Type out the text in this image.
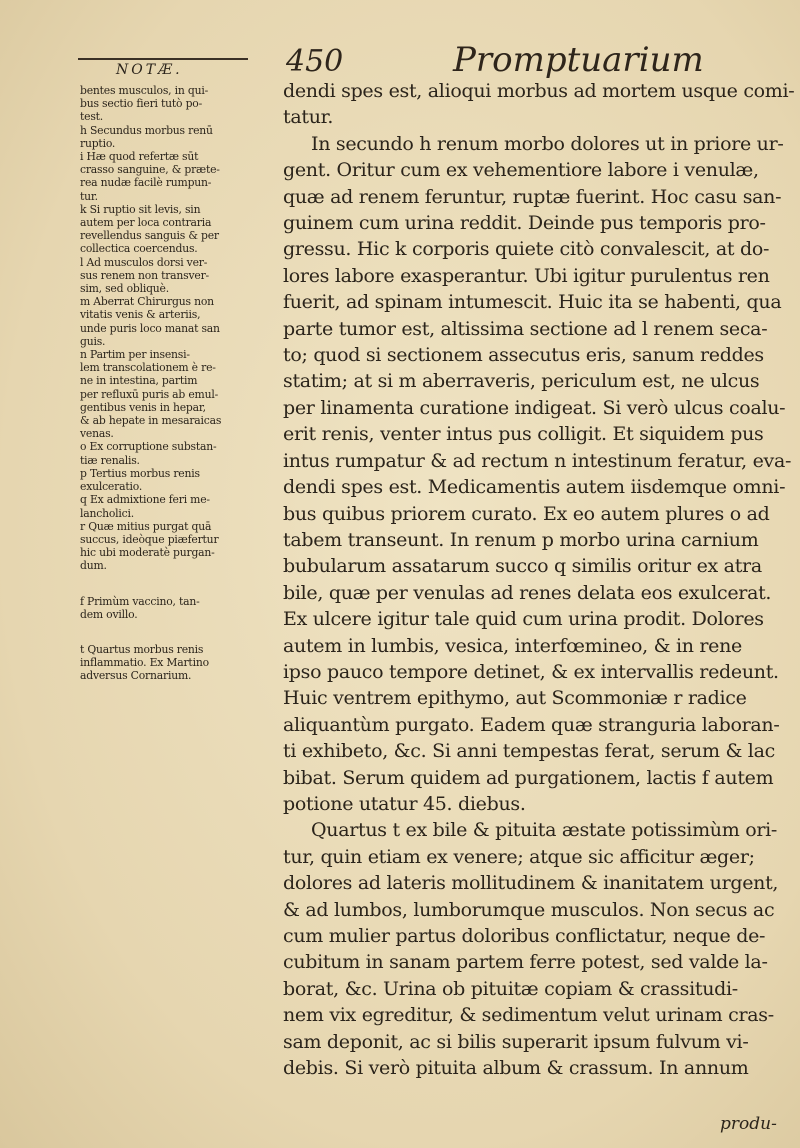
NOTÆ.	450	Promptuarium
bentes musculos, in qui-
bus sectio fieri tutò po-
test.
h Secundus morbus renū
ruptio.
i Hæ quod refertæ sūt
crasso sanguine, & præte-
rea nudæ facilè rumpun-
tur.
k Si ruptio sit levis, sin
autem per loca contraria
revellendus sanguis & per
collectica coercendus.
l Ad musculos dorsi ver-
sus renem non transver-
sim, sed obliquè.
m Aberrat Chirurgus non
vitatis venis & arteriis,
unde puris loco manat san
guis.
n Partim per insensi-
lem transcolationem è re-
ne in intestina, partim
per refluxū puris ab emul-
gentibus venis in hepar,
& ab hepate in mesaraicas
venas.
o Ex corruptione substan-
tiæ renalis.
p Tertius morbus renis
exulceratio.
q Ex admixtione feri me-
lancholici.
r Quæ mitius purgat quā
succus, ideòque piæfertur
hic ubi moderatè purgan-
dum.
f Primùm vaccino, tan-
dem ovillo.
t Quartus morbus renis
inflammatio. Ex Martino
adversus Cornarium.
dendi spes est, alioqui morbus ad mortem usque comi-
tatur.
In secundo h renum morbo dolores ut in priore ur-
gent. Oritur cum ex vehementiore labore i venulæ,
quæ ad renem feruntur, ruptæ fuerint. Hoc casu san-
guinem cum urina reddit. Deinde pus temporis pro-
gressu. Hic k corporis quiete citò convalescit, at do-
lores labore exasperantur. Ubi igitur purulentus ren
fuerit, ad spinam intumescit. Huic ita se habenti, qua
parte tumor est, altissima sectione ad l renem seca-
to; quod si sectionem assecutus eris, sanum reddes
statim; at si m aberraveris, periculum est, ne ulcus
per linamenta curatione indigeat. Si verò ulcus coalu-
erit renis, venter intus pus colligit. Et siquidem pus
intus rumpatur & ad rectum n intestinum feratur, eva-
dendi spes est. Medicamentis autem iisdemque omni-
bus quibus priorem curato. Ex eo autem plures o ad
tabem transeunt. In renum p morbo urina carnium
bubularum assatarum succo q similis oritur ex atra
bile, quæ per venulas ad renes delata eos exulcerat.
Ex ulcere igitur tale quid cum urina prodit. Dolores
autem in lumbis, vesica, interfœmineo, & in rene
ipso pauco tempore detinet, & ex intervallis redeunt.
Huic ventrem epithymo, aut Scommoniæ r radice
aliquantùm purgato. Eadem quæ stranguria laboran-
ti exhibeto, &c. Si anni tempestas ferat, serum & lac
bibat. Serum quidem ad purgationem, lactis f autem
potione utatur 45. diebus.
Quartus t ex bile & pituita æstate potissimùm ori-
tur, quin etiam ex venere; atque sic afficitur æger;
dolores ad lateris mollitudinem & inanitatem urgent,
& ad lumbos, lumborumque musculos. Non secus ac
cum mulier partus doloribus conflictatur, neque de-
cubitum in sanam partem ferre potest, sed valde la-
borat, &c. Urina ob pituitæ copiam & crassitudi-
nem vix egreditur, & sedimentum velut urinam cras-
sam deponit, ac si bilis superarit ipsum fulvum vi-
debis. Si verò pituita album & crassum. In annum
produ-
